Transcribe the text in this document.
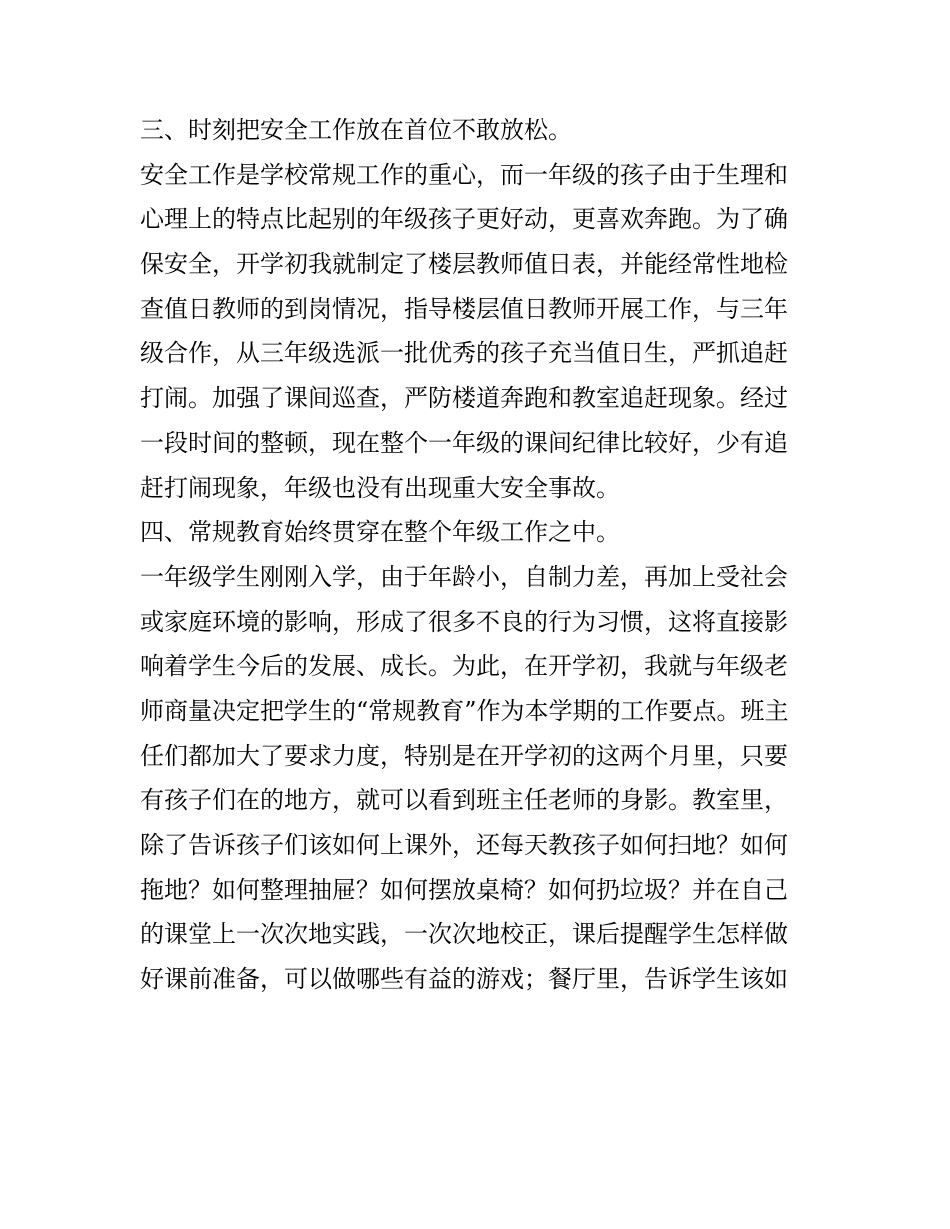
三、时刻把安全工作放在首位不敢放松。
安全工作是学校常规工作的重心，而一年级的孩子由于生理和
心理上的特点比起别的年级孩子更好动，更喜欢奔跑。为了确
保安全，开学初我就制定了楼层教师值日表，并能经常性地检
查值日教师的到岗情况，指导楼层值日教师开展工作，与三年
级合作，从三年级选派一批优秀的孩子充当值日生，严抓追赶
打闹。加强了课间巡查，严防楼道奔跑和教室追赶现象。经过
一段时间的整顿，现在整个一年级的课间纪律比较好，少有追
赶打闹现象，年级也没有出现重大安全事故。
四、常规教育始终贯穿在整个年级工作之中。
一年级学生刚刚入学，由于年龄小，自制力差，再加上受社会
或家庭环境的影响，形成了很多不良的行为习惯，这将直接影
响着学生今后的发展、成长。为此，在开学初，我就与年级老
师商量决定把学生的“常规教育”作为本学期的工作要点。班主
任们都加大了要求力度，特别是在开学初的这两个月里，只要
有孩子们在的地方，就可以看到班主任老师的身影。教室里，
除了告诉孩子们该如何上课外，还每天教孩子如何扫地？如何
拖地？如何整理抽屉？如何摆放桌椅？如何扔垃圾？并在自己
的课堂上一次次地实践，一次次地校正，课后提醒学生怎样做
好课前准备，可以做哪些有益的游戏；餐厅里，告诉学生该如
